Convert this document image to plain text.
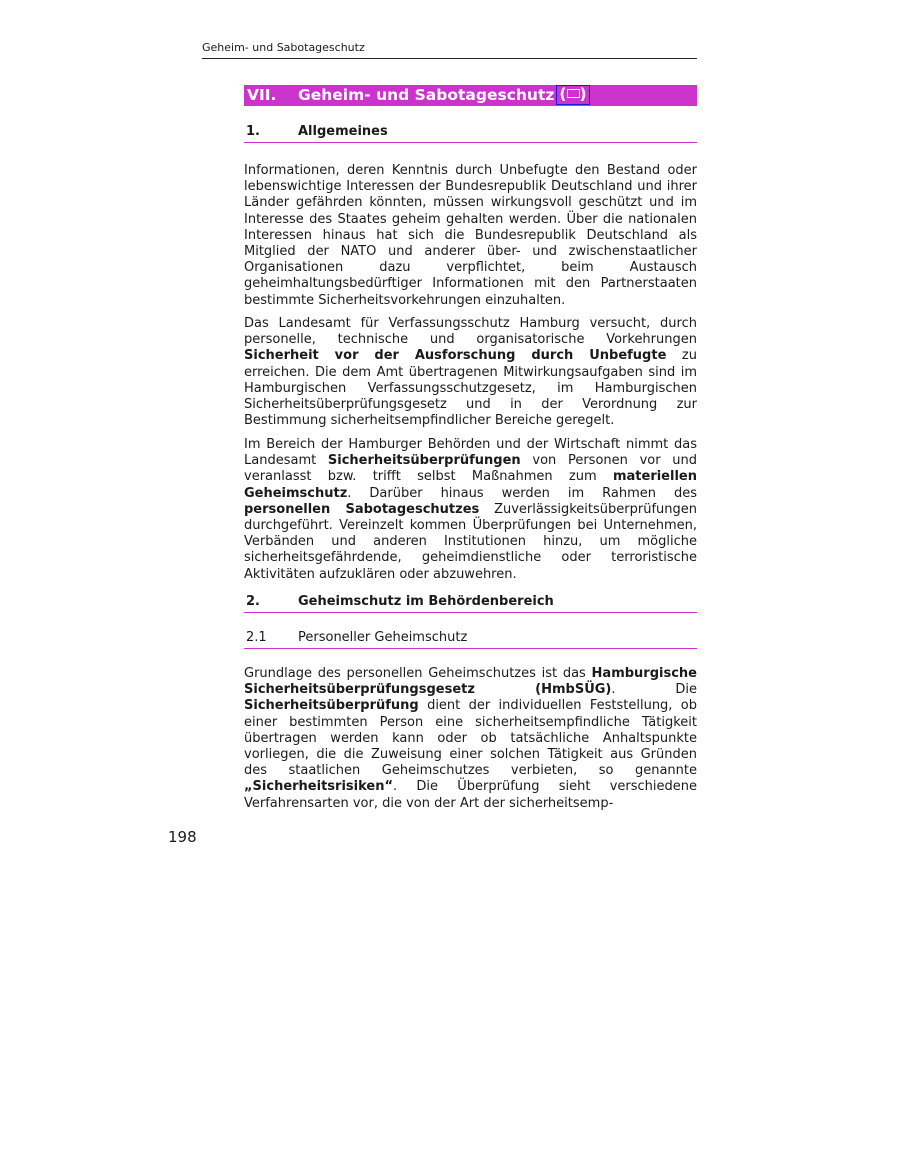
Geheim- und Sabotageschutz
VII. Geheim- und Sabotageschutz ( )
1.	Allgemeines

Informationen, deren Kenntnis durch Unbefugte den Bestand oder lebenswichtige Interessen der Bundesrepublik Deutschland und ihrer Länder gefährden könnten, müssen wirkungsvoll geschützt und im Interesse des Staates geheim gehalten werden. Über die nationalen Interessen hinaus hat sich die Bundesrepublik Deutschland als Mitglied der NATO und anderer über- und zwischenstaatlicher Organisationen dazu verpflichtet, beim Austausch geheimhaltungsbedürftiger Informationen mit den Partnerstaaten bestimmte Sicherheitsvorkehrungen einzuhalten.

Das Landesamt für Verfassungsschutz Hamburg versucht, durch personelle, technische und organisatorische Vorkehrungen Sicherheit vor der Ausforschung durch Unbefugte zu erreichen. Die dem Amt übertragenen Mitwirkungsaufgaben sind im Hamburgischen Verfassungsschutzgesetz, im Hamburgischen Sicherheitsüberprüfungsgesetz und in der Verordnung zur Bestimmung sicherheitsempfindlicher Bereiche geregelt.

Im Bereich der Hamburger Behörden und der Wirtschaft nimmt das Landesamt Sicherheitsüberprüfungen von Personen vor und veranlasst bzw. trifft selbst Maßnahmen zum materiellen Geheimschutz. Darüber hinaus werden im Rahmen des personellen Sabotageschutzes Zuverlässigkeitsüberprüfungen durchgeführt. Vereinzelt kommen Überprüfungen bei Unternehmen, Verbänden und anderen Institutionen hinzu, um mögliche sicherheitsgefährdende, geheimdienstliche oder terroristische Aktivitäten aufzuklären oder abzuwehren.

2.	Geheimschutz im Behördenbereich
2.1 Personeller Geheimschutz

Grundlage des personellen Geheimschutzes ist das Hamburgische Sicherheitsüberprüfungsgesetz (HmbSÜG). Die Sicherheitsüberprüfung dient der individuellen Feststellung, ob einer bestimmten Person eine sicherheitsempfindliche Tätigkeit übertragen werden kann oder ob tatsächliche Anhaltspunkte vorliegen, die die Zuweisung einer solchen Tätigkeit aus Gründen des staatlichen Geheimschutzes verbieten, so genannte „Sicherheitsrisiken“. Die Überprüfung sieht verschiedene Verfahrensarten vor, die von der Art der sicherheitsemp-

198
